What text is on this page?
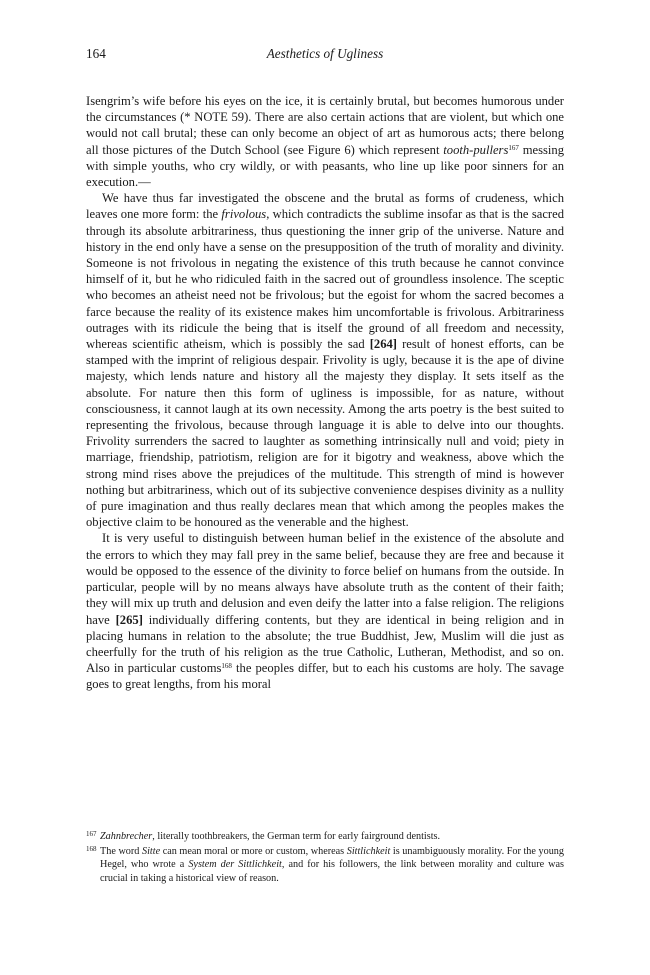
164	Aesthetics of Ugliness

Isengrim’s wife before his eyes on the ice, it is certainly brutal, but becomes humorous under the circumstances (* NOTE 59). There are also certain actions that are violent, but which one would not call brutal; these can only become an object of art as humorous acts; there belong all those pictures of the Dutch School (see Figure 6) which represent tooth-pullers$^{167}$ messing with simple youths, who cry wildly, or with peasants, who line up like poor sinners for an execution.—

We have thus far investigated the obscene and the brutal as forms of crudeness, which leaves one more form: the frivolous, which contradicts the sublime insofar as that is the sacred through its absolute arbitrariness, thus questioning the inner grip of the universe. Nature and history in the end only have a sense on the presupposition of the truth of morality and divinity. Someone is not frivolous in negating the existence of this truth because he cannot convince himself of it, but he who ridiculed faith in the sacred out of groundless insolence. The sceptic who becomes an atheist need not be frivolous; but the egoist for whom the sacred becomes a farce because the reality of its existence makes him uncomfortable is frivolous. Arbitrariness outrages with its ridicule the being that is itself the ground of all freedom and necessity, whereas scientific atheism, which is possibly the sad [264] result of honest efforts, can be stamped with the imprint of religious despair. Frivolity is ugly, because it is the ape of divine majesty, which lends nature and history all the majesty they display. It sets itself as the absolute. For nature then this form of ugliness is impossible, for as nature, without consciousness, it cannot laugh at its own necessity. Among the arts poetry is the best suited to representing the frivolous, because through language it is able to delve into our thoughts. Frivolity surrenders the sacred to laughter as something intrinsically null and void; piety in marriage, friendship, patriotism, religion are for it bigotry and weakness, above which the strong mind rises above the prejudices of the multitude. This strength of mind is however nothing but arbitrariness, which out of its subjective convenience despises divinity as a nullity of pure imagination and thus really declares mean that which among the peoples makes the objective claim to be honoured as the venerable and the highest.

It is very useful to distinguish between human belief in the existence of the absolute and the errors to which they may fall prey in the same belief, because they are free and because it would be opposed to the essence of the divinity to force belief on humans from the outside. In particular, people will by no means always have absolute truth as the content of their faith; they will mix up truth and delusion and even deify the latter into a false religion. The religions have [265] individually differing contents, but they are identical in being religion and in placing humans in relation to the absolute; the true Buddhist, Jew, Muslim will die just as cheerfully for the truth of his religion as the true Catholic, Lutheran, Methodist, and so on. Also in particular customs$^{168}$ the peoples differ, but to each his customs are holy. The savage goes to great lengths, from his moral

167 Zahnbrecher, literally toothbreakers, the German term for early fairground dentists.

168 The word Sitte can mean moral or more or custom, whereas Sittlichkeit is unambiguously morality. For the young Hegel, who wrote a System der Sittlichkeit, and for his followers, the link between morality and culture was crucial in taking a historical view of reason.
